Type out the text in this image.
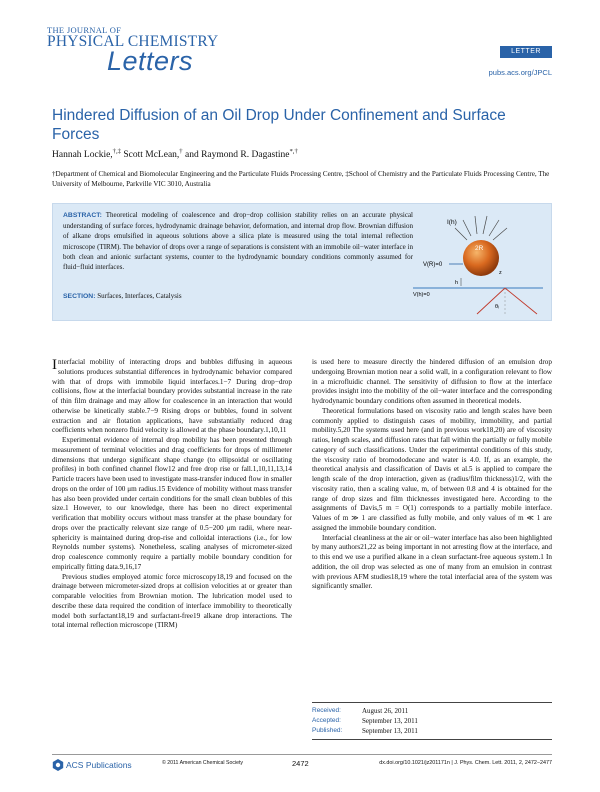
THE JOURNAL OF
PHYSICAL CHEMISTRY
Letters	LETTER
pubs.acs.org/JPCL
Hindered Diffusion of an Oil Drop Under Confinement and Surface Forces
Hannah Lockie,†,‡ Scott McLean,† and Raymond R. Dagastine*,†
†Department of Chemical and Biomolecular Engineering and the Particulate Fluids Processing Centre, ‡School of Chemistry and the Particulate Fluids Processing Centre, The University of Melbourne, Parkville VIC 3010, Australia
ABSTRACT: Theoretical modeling of coalescence and drop−drop collision stability relies on an accurate physical understanding of surface forces, hydrodynamic drainage behavior, deformation, and internal drop flow. Brownian diffusion of alkane drops emulsified in aqueous solutions above a silica plate is measured using the total internal reflection microscope (TIRM). The behavior of drops over a range of separations is consistent with an immobile oil−water interface in both clean and anionic surfactant systems, counter to the hydrodynamic boundary conditions commonly assumed for fluid−fluid interfaces.
SECTION: Surfaces, Interfaces, Catalysis
I(h)
2R
V(R)=0
h
z
V(h)=0
θᵢ

Interfacial mobility of interacting drops and bubbles diffusing in aqueous solutions produces substantial differences in hydrodynamic behavior compared with that of drops with immobile liquid interfaces.1−7 During drop−drop collisions, flow at the interfacial boundary provides substantial increase in the rate of thin film drainage and may allow for coalescence in an interaction that would otherwise be kinetically stable.7−9 Rising drops or bubbles, found in solvent extraction and air flotation applications, have substantially reduced drag coefficients when nonzero fluid velocity is allowed at the phase boundary.1,10,11

Experimental evidence of internal drop mobility has been presented through measurement of terminal velocities and drag coefficients for drops of millimeter dimensions that undergo significant shape change (to ellipsoidal or oscillating profiles) in both confined channel flow12 and free drop rise or fall.1,10,11,13,14 Particle tracers have been used to investigate mass-transfer induced flow in smaller drops on the order of 100 μm radius.15 Evidence of mobility without mass transfer has also been provided under certain conditions for the small clean bubbles of this size.1 However, to our knowledge, there has been no direct experimental verification that mobility occurs without mass transfer at the phase boundary for drops over the practically relevant size range of 0.5−200 μm radii, where near-sphericity is maintained during drop-rise and colloidal interactions (i.e., for low Reynolds number systems). Nonetheless, scaling analyses of micrometer-sized drop coalescence commonly require a partially mobile boundary condition for empirically fitting data.9,16,17

Previous studies employed atomic force microscopy18,19 and focused on the drainage between micrometer-sized drops at collision velocities at or greater than comparable velocities from Brownian motion. The lubrication model used to describe these data required the condition of interface immobility to theoretically model both surfactant18,19 and surfactant-free19 alkane drop interactions. The total internal reflection microscope (TIRM)

is used here to measure directly the hindered diffusion of an emulsion drop undergoing Brownian motion near a solid wall, in a configuration relevant to flow in a microfluidic channel. The sensitivity of diffusion to flow at the interface provides insight into the mobility of the oil−water interface and the corresponding hydrodynamic boundary conditions often assumed in theoretical models.

Theoretical formulations based on viscosity ratio and length scales have been commonly applied to distinguish cases of mobility, immobility, and partial mobility.5,20 The systems used here (and in previous work18,20) are of viscosity ratios, length scales, and diffusion rates that fall within the partially or fully mobile category of such classifications. Under the experimental conditions of this study, the viscosity ratio of bromododecane and water is 4.0. If, as an example, the theoretical analysis and classification of Davis et al.5 is applied to compare the length scale of the drop interaction, given as (radius/film thickness)1/2, with the viscosity ratio, then a scaling value, m, of between 0.8 and 4 is obtained for the range of drop sizes and film thicknesses investigated here. According to the assignments of Davis,5 m = O(1) corresponds to a partially mobile interface. Values of m ≫ 1 are classified as fully mobile, and only values of m ≪ 1 are assigned the immobile boundary condition.

Interfacial cleanliness at the air or oil−water interface has also been highlighted by many authors21,22 as being important in not arresting flow at the interface, and to this end we use a purified alkane in a clean surfactant-free aqueous system.1 In addition, the oil drop was selected as one of many from an emulsion in contrast with previous AFM studies18,19 where the total interfacial area of the system was significantly smaller.

Received:	August 26, 2011
Accepted:	September 13, 2011
Published:	September 13, 2011
ACS Publications	© 2011 American Chemical Society	2472	dx.doi.org/10.1021/jz201171n | J. Phys. Chem. Lett. 2011, 2, 2472−2477
